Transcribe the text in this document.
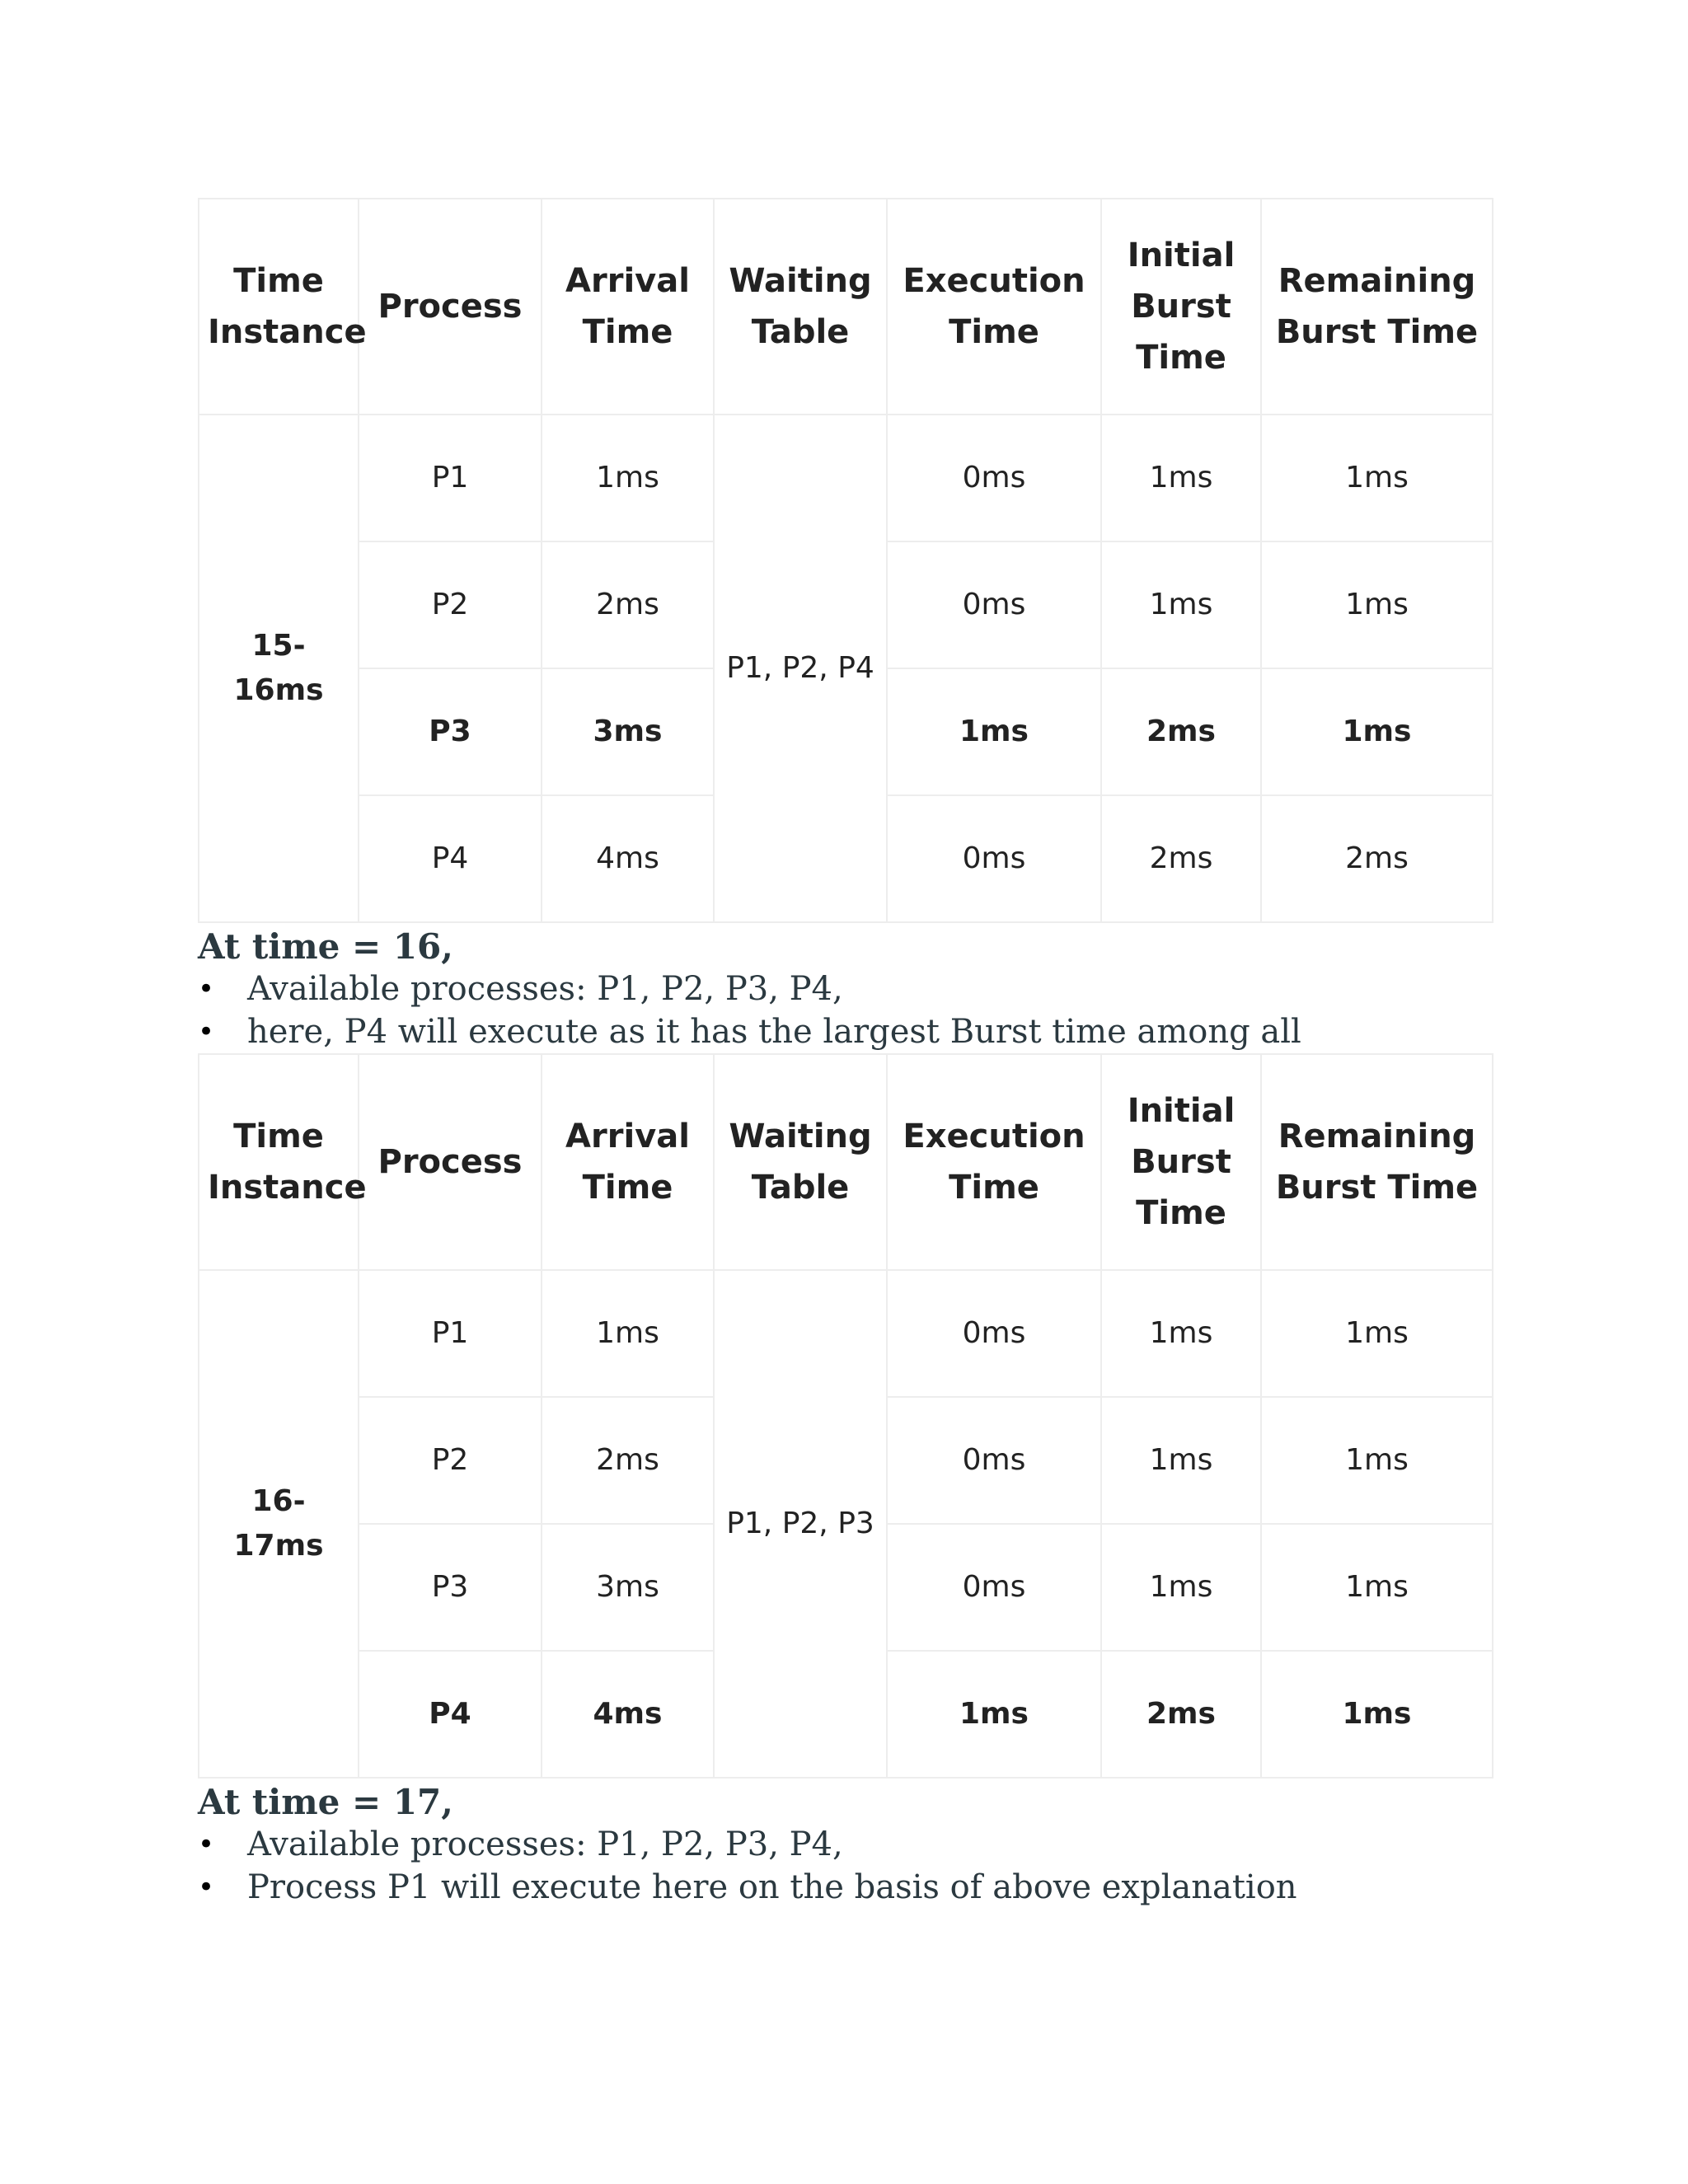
Time Instance	Process	Arrival Time	Waiting Table	Execution Time	Initial Burst Time	Remaining Burst Time
15-16ms	P1	1ms	P1, P2, P4	0ms	1ms	1ms
	P2	2ms		0ms	1ms	1ms
	P3	3ms		1ms	2ms	1ms
	P4	4ms		0ms	2ms	2ms
At time = 16,
• Available processes: P1, P2, P3, P4,
• here, P4 will execute as it has the largest Burst time among all
Time Instance	Process	Arrival Time	Waiting Table	Execution Time	Initial Burst Time	Remaining Burst Time
16-17ms	P1	1ms	P1, P2, P3	0ms	1ms	1ms
	P2	2ms		0ms	1ms	1ms
	P3	3ms		0ms	1ms	1ms
	P4	4ms		1ms	2ms	1ms
At time = 17,
• Available processes: P1, P2, P3, P4,
• Process P1 will execute here on the basis of above explanation
